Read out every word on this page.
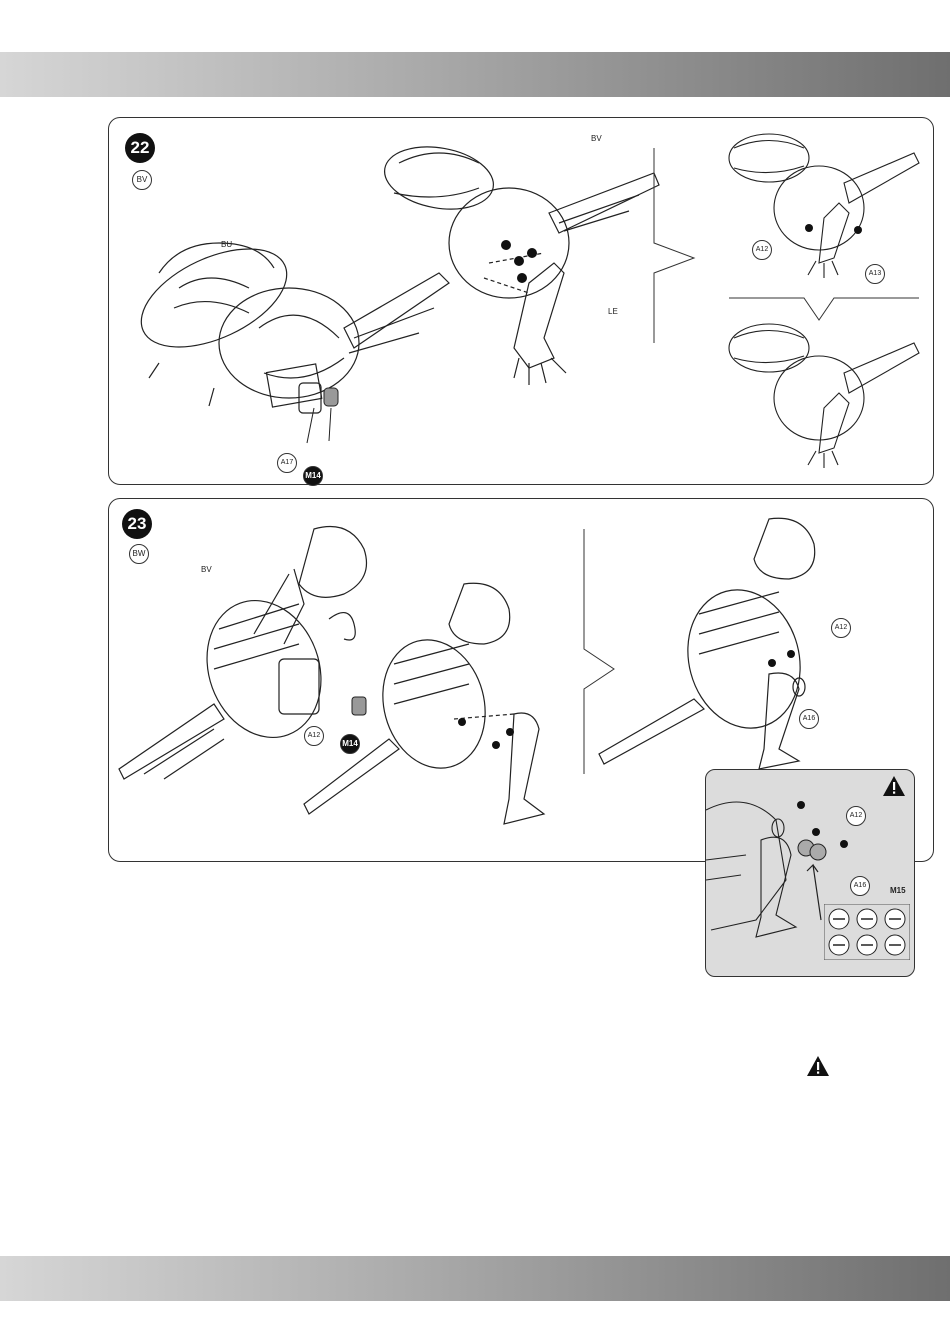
22
BV
BU
A17
M14
BV
LE
A12
A13
23
BW
BV
A12
M14
A12
A16
A12
A16
M15
